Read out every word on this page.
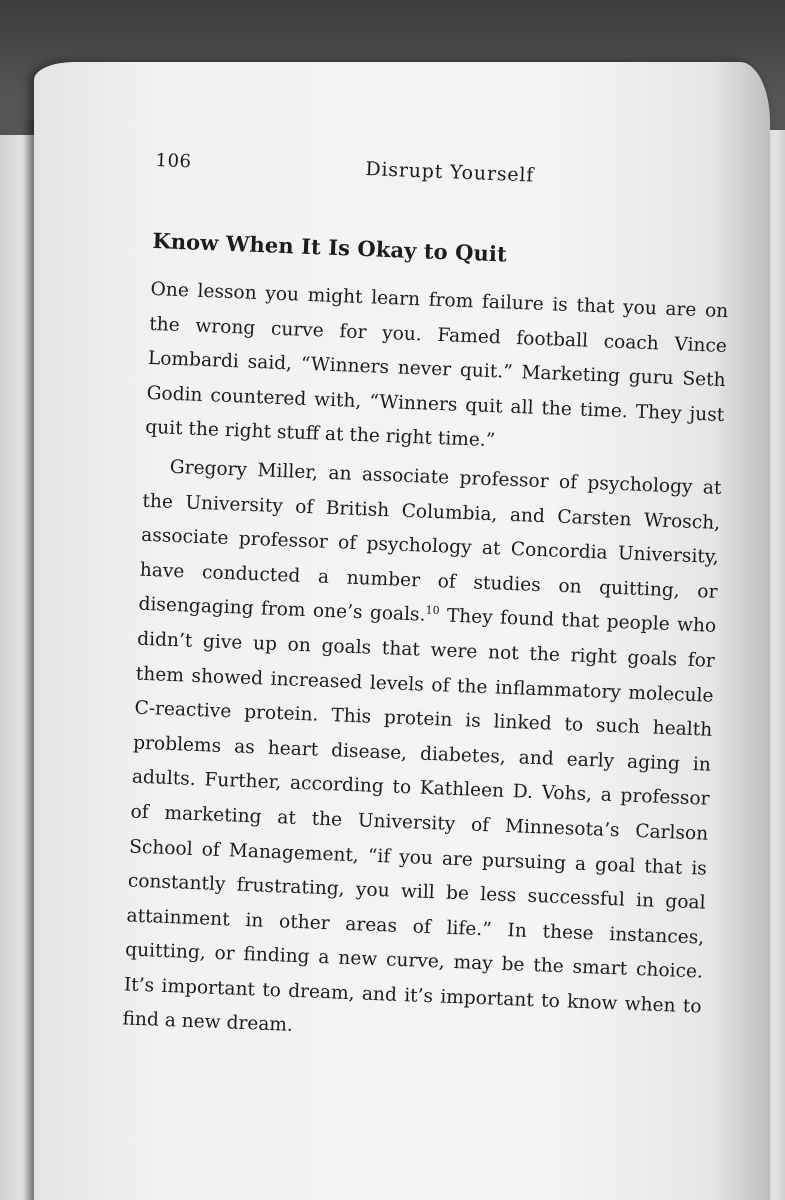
106	Disrupt Yourself
Know When It Is Okay to Quit

One lesson you might learn from failure is that you are on the wrong curve for you. Famed football coach Vince Lombardi said, “Winners never quit.” Marketing guru Seth Godin countered with, “Winners quit all the time. They just quit the right stuff at the right time.”

Gregory Miller, an associate professor of psychology at the University of British Columbia, and Carsten Wrosch, associate professor of psychology at Concordia University, have conducted a number of studies on quitting, or disengaging from one’s goals.$^{10}$ They found that people who didn’t give up on goals that were not the right goals for them showed increased levels of the inflammatory molecule C-reactive protein. This protein is linked to such health problems as heart disease, diabetes, and early aging in adults. Further, according to Kathleen D. Vohs, a professor of marketing at the University of Minnesota’s Carlson School of Management, “if you are pursuing a goal that is constantly frustrating, you will be less successful in goal attainment in other areas of life.” In these instances, quitting, or finding a new curve, may be the smart choice. It’s important to dream, and it’s important to know when to find a new dream.
